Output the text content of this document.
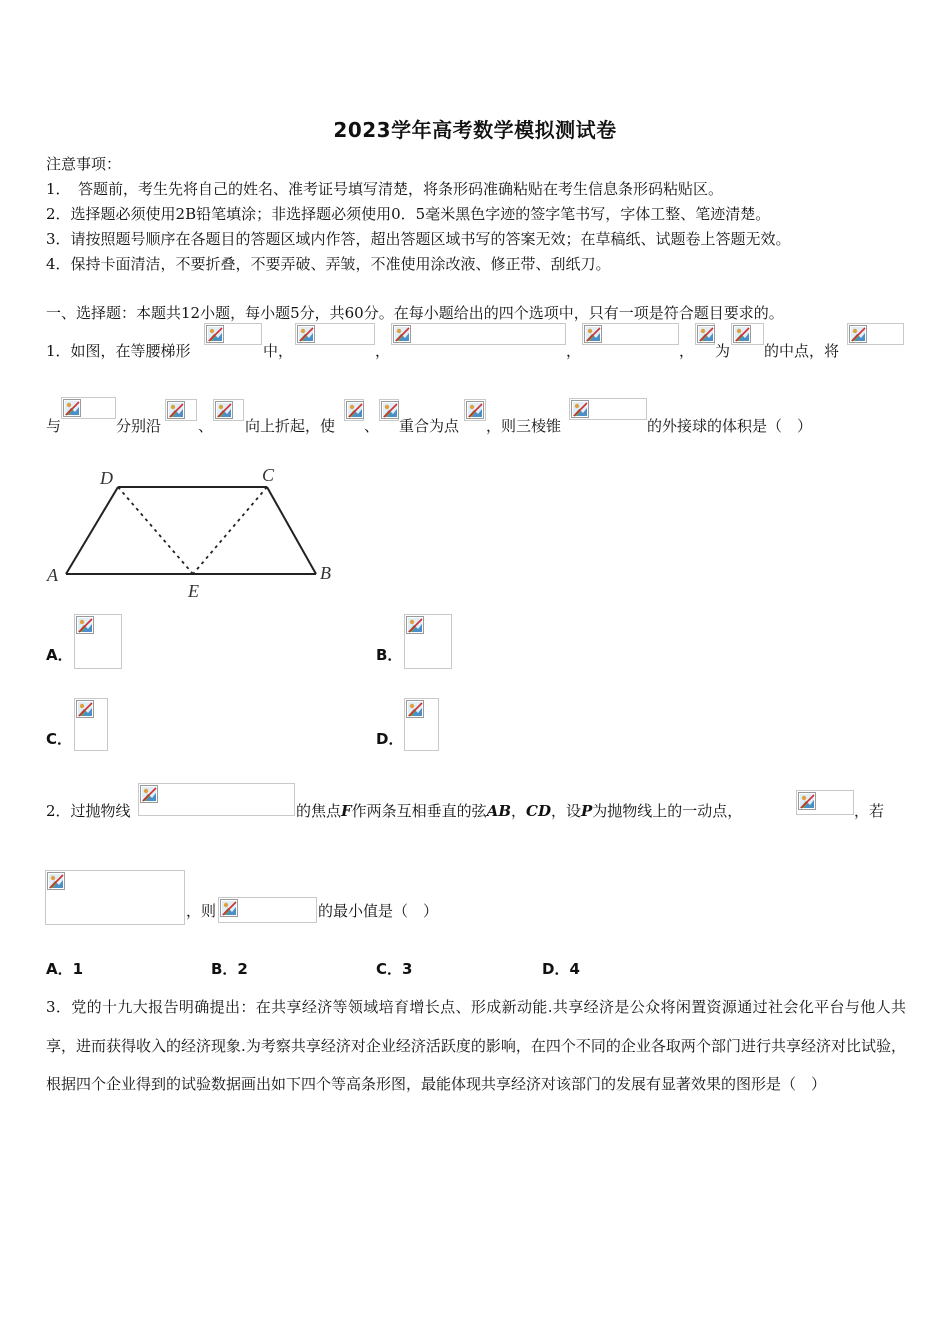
2023学年高考数学模拟测试卷
注意事项：
1．　答题前，考生先将自己的姓名、准考证号填写清楚，将条形码准确粘贴在考生信息条形码粘贴区。
2．选择题必须使用2B铅笔填涂；非选择题必须使用0．5毫米黑色字迹的签字笔书写，字体工整、笔迹清楚。
3．请按照题号顺序在各题目的答题区域内作答，超出答题区域书写的答案无效；在草稿纸、试题卷上答题无效。
4．保持卡面清洁，不要折叠，不要弄破、弄皱，不准使用涂改液、修正带、刮纸刀。
一、选择题：本题共12小题，每小题5分，共60分。在每小题给出的四个选项中，只有一项是符合题目要求的。
1．如图，在等腰梯形	中，	，	，	， 为 的中点，将
与	分别沿 、 向上折起，使 、 重合为点 ，则三棱锥	的外接球的体积是（　）
D	C
A	B
E
A．	B．
C．	D．
2．过抛物线	的焦点F作两条互相垂直的弦AB，CD，设P为抛物线上的一动点，	，若
，则	的最小值是（　）
A．1	B．2	C．3	D．4
3．党的十九大报告明确提出：在共享经济等领域培育增长点、形成新动能.共享经济是公众将闲置资源通过社会化平台与他人共享，进而获得收入的经济现象.为考察共享经济对企业经济活跃度的影响，在四个不同的企业各取两个部门进行共享经济对比试验，根据四个企业得到的试验数据画出如下四个等高条形图，最能体现共享经济对该部门的发展有显著效果的图形是（　）
